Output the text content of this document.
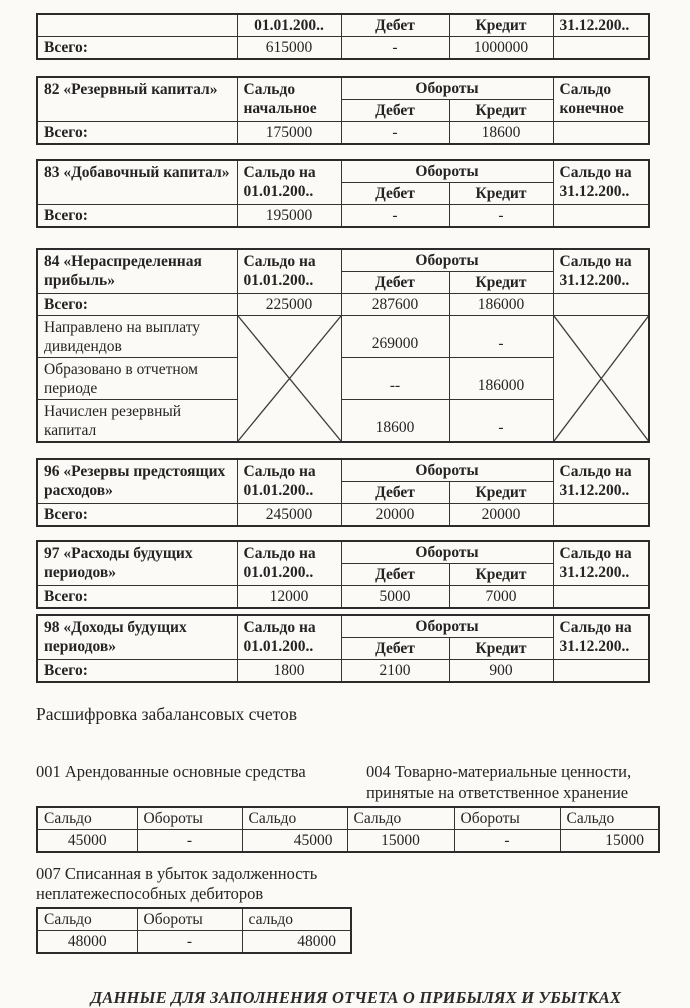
	01.01.200..	Дебет	Кредит	31.12.200..
Всего:	615000	-	1000000	
82 «Резервный капитал»	Сальдо начальное	Обороты		Сальдо конечное
		Дебет	Кредит	
Всего:	175000	-	18600	
83 «Добавочный капитал»	Сальдо на 01.01.200..	Обороты		Сальдо на 31.12.200..
		Дебет	Кредит	
Всего:	195000	-	-	
84 «Нераспределенная прибыль»	Сальдо на 01.01.200..	Обороты		Сальдо на 31.12.200..
		Дебет	Кредит	
Всего:	225000	287600	186000	
Направлено на выплату дивидендов		269000	-	

Образовано в отчетном периоде		--	186000	
Начислен резервный капитал		18600	-	
96 «Резервы предстоящих расходов»	Сальдо на 01.01.200..	Обороты		Сальдо на 31.12.200..
		Дебет	Кредит	
Всего:	245000	20000	20000	
97 «Расходы будущих периодов»	Сальдо на 01.01.200..	Обороты		Сальдо на 31.12.200..
		Дебет	Кредит	
Всего:	12000	5000	7000	
98 «Доходы будущих периодов»	Сальдо на 01.01.200..	Обороты		Сальдо на 31.12.200..
		Дебет	Кредит	
Всего:	1800	2100	900	
Расшифровка забалансовых счетов
001 Арендованные основные средства	004 Товарно-материальные ценности, принятые на ответственное хранение
Сальдо	Обороты	Сальдо	Сальдо	Обороты	Сальдо
45000	-	45000	15000	-	15000
007 Списанная в убыток задолженность неплатежеспособных дебиторов
Сальдо	Обороты	сальдо
48000	-	48000
ДАННЫЕ ДЛЯ ЗАПОЛНЕНИЯ ОТЧЕТА О ПРИБЫЛЯХ И УБЫТКАХ
